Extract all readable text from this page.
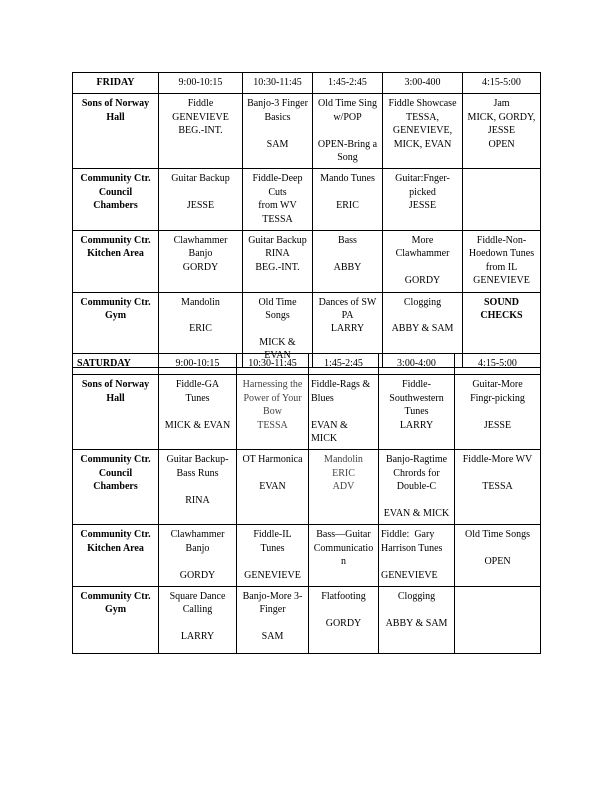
FRIDAY	9:00-10:15	10:30-11:45	1:45-2:45	3:00-400	4:15-5:00

Sons of Norway
Hall	Fiddle
GENEVIEVE
BEG.-INT.	Banjo-3 Finger
Basics
SAM	Old Time Sing
w/POP
OPEN-Bring a
Song	Fiddle Showcase
TESSA,
GENEVIEVE,
MICK, EVAN	Jam
MICK, GORDY,
JESSE
OPEN

Community Ctr.
Council
Chambers	Guitar Backup
JESSE	Fiddle-Deep Cuts
from WV
TESSA	Mando Tunes
ERIC	Guitar:Fnger-
picked
JESSE	

Community Ctr.
Kitchen Area	Clawhammer
Banjo
GORDY	Guitar Backup
RINA
BEG.-INT.	Bass
ABBY	More
Clawhammer
GORDY	Fiddle-Non-
Hoedown Tunes
from IL
GENEVIEVE

Community Ctr.
Gym	Mandolin
ERIC	Old Time Songs
MICK & EVAN	Dances of SW
PA
LARRY	Clogging
ABBY & SAM	SOUND
CHECKS
SATURDAY	9:00-10:15	10:30-11:45	1:45-2:45	3:00-4:00	4:15-5:00

Sons of Norway
Hall	Fiddle-GA
Tunes
MICK & EVAN	Harnessing the
Power of Your
Bow
TESSA	Fiddle-Rags &
Blues
EVAN &
MICK	Fiddle-
Southwestern
Tunes
LARRY	Guitar-More
Fingr-picking
JESSE

Community Ctr.
Council
Chambers	Guitar Backup-
Bass Runs
RINA	OT Harmonica
EVAN	Mandolin
ERIC
ADV	Banjo-Ragtime
Chrords for
Double-C
EVAN & MICK	Fiddle-More WV
TESSA

Community Ctr.
Kitchen Area	Clawhammer
Banjo
GORDY	Fiddle-IL
Tunes
GENEVIEVE	Bass—Guitar
Communicatio
n	Fiddle:  Gary
Harrison Tunes
GENEVIEVE	Old Time Songs
OPEN

Community Ctr.
Gym	Square Dance
Calling
LARRY	Banjo-More 3-
Finger
SAM	Flatfooting
GORDY	Clogging
ABBY & SAM	
